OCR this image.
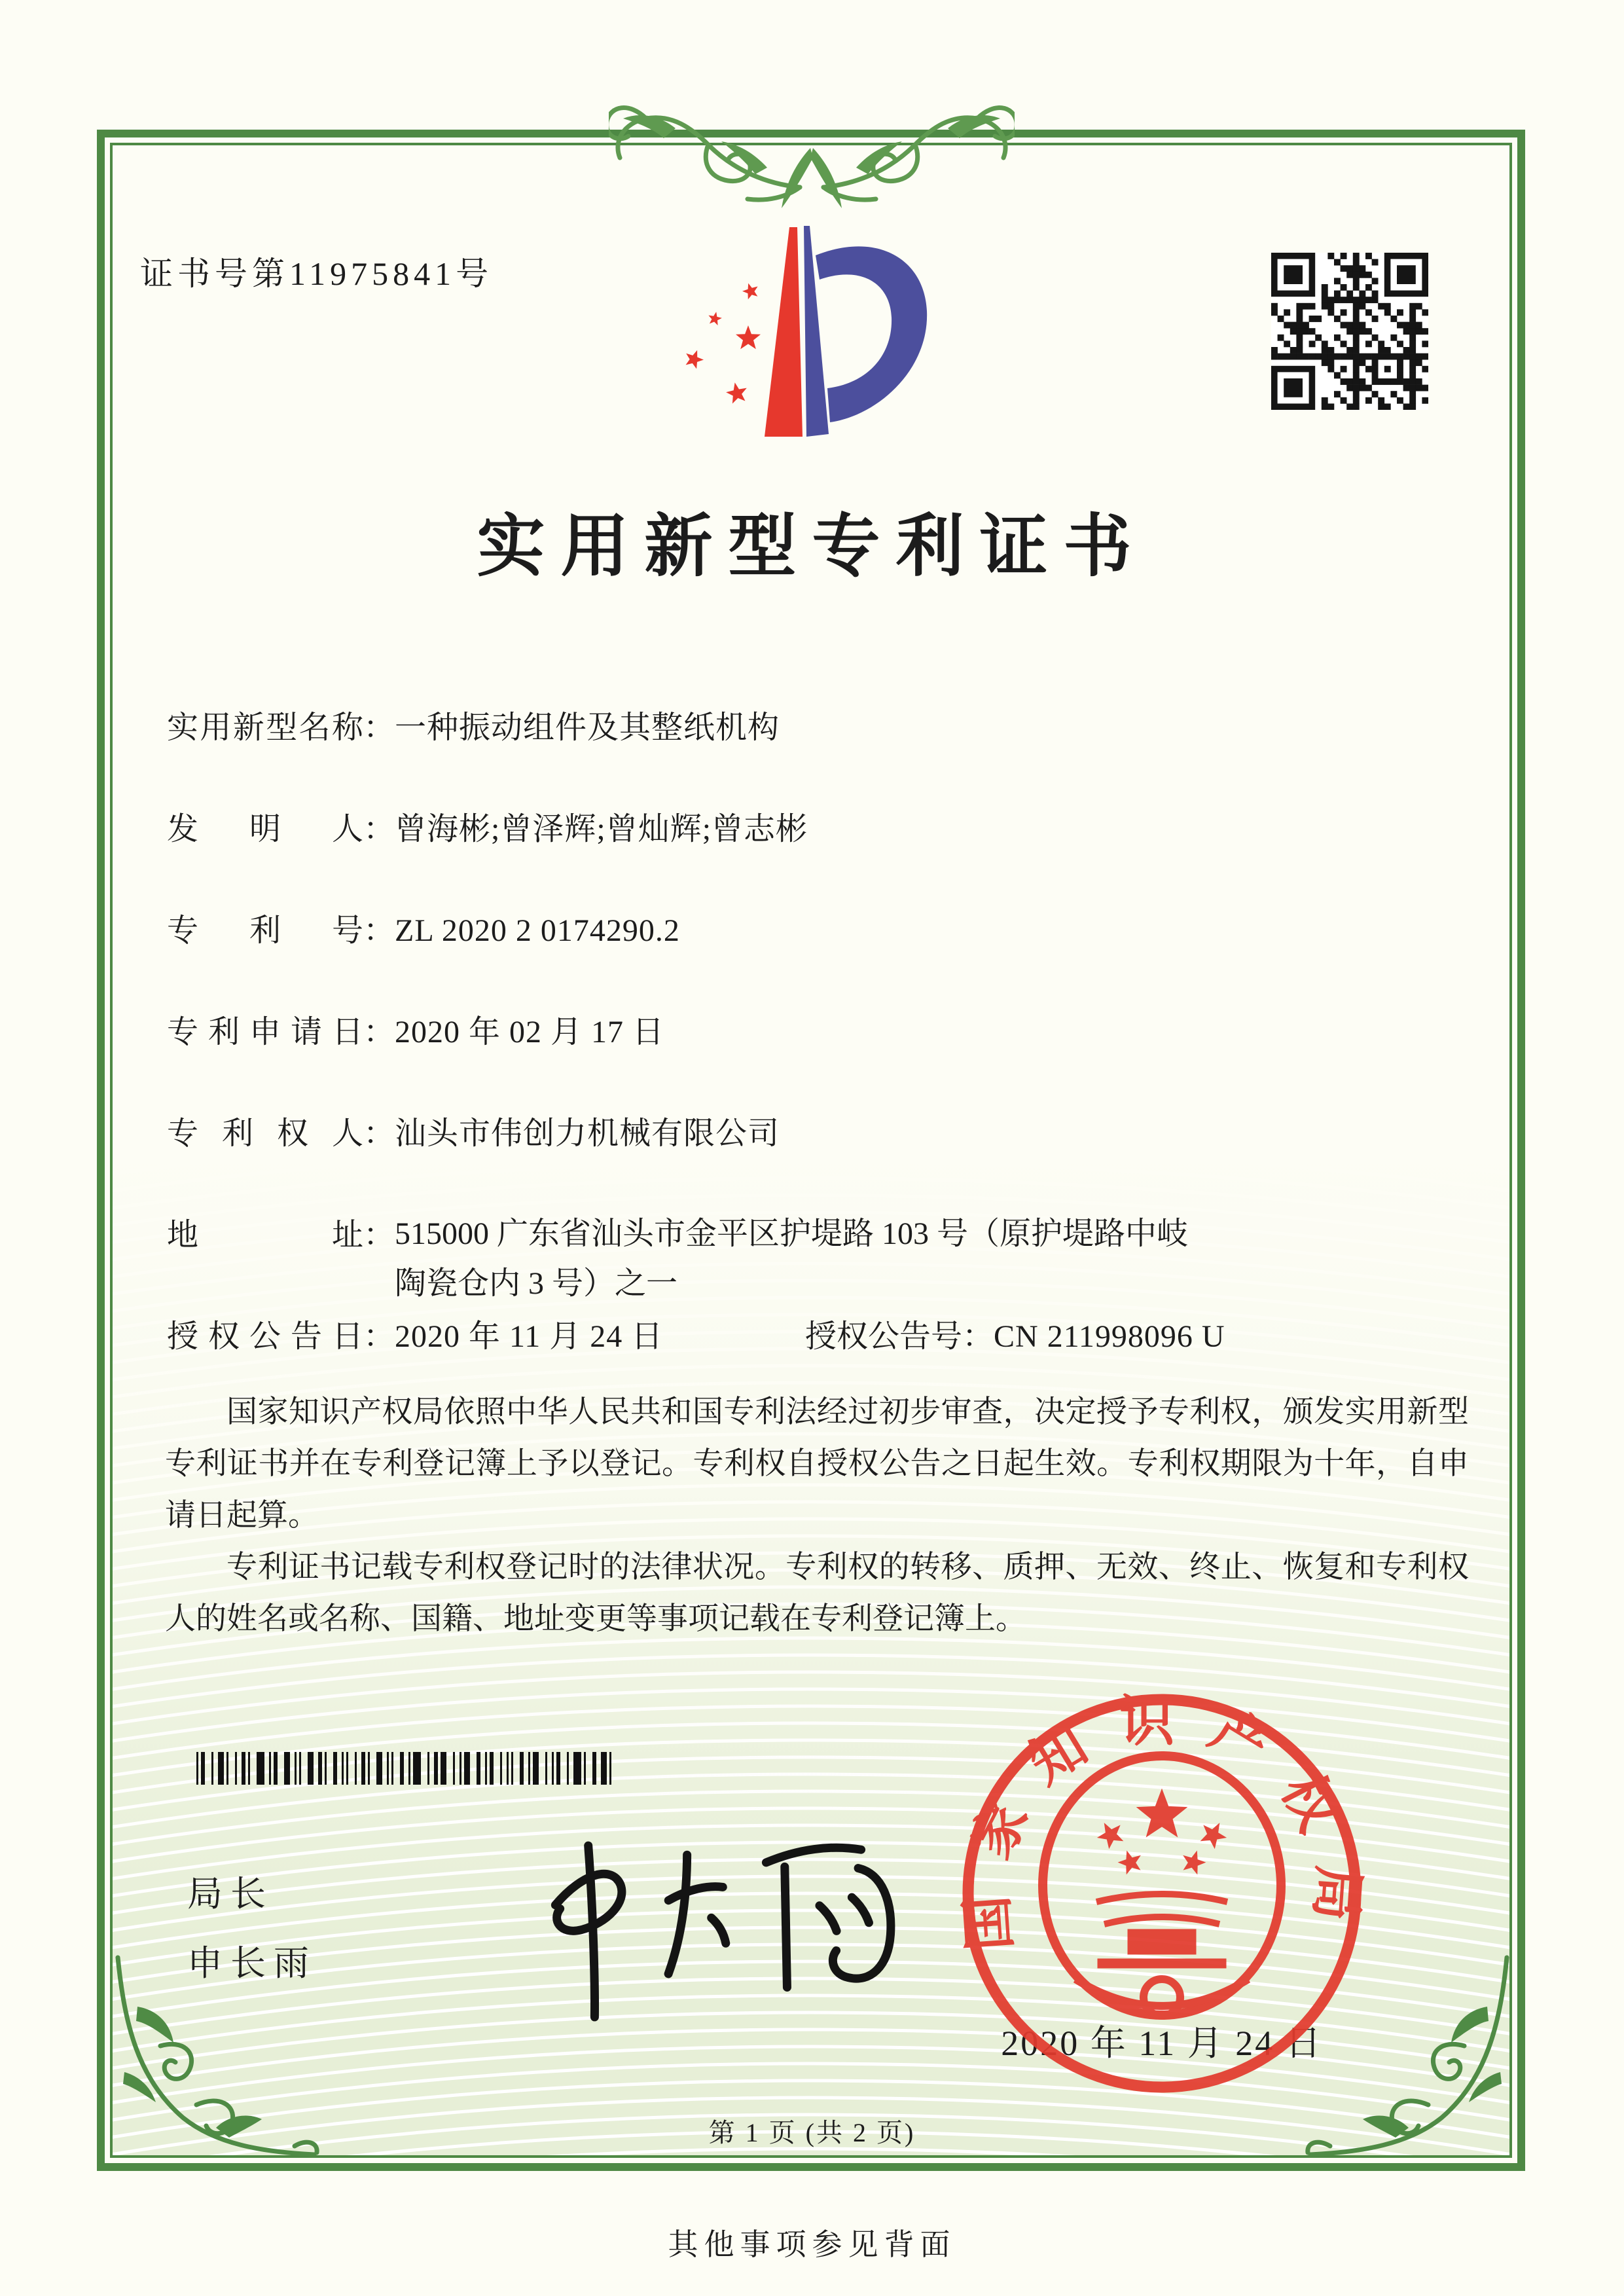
证书号第11975841号
实用新型专利证书
实用新型名称：一种振动组件及其整纸机构
发明人：曾海彬;曾泽辉;曾灿辉;曾志彬
专利号：ZL 2020 2 0174290.2
专利申请日：2020 年 02 月 17 日
专利权人：汕头市伟创力机械有限公司
地址：515000 广东省汕头市金平区护堤路 103 号（原护堤路中岐
陶瓷仓内 3 号）之一
授权公告日：2020 年 11 月 24 日	授权公告号：CN 211998096 U

国家知识产权局依照中华人民共和国专利法经过初步审查，决定授予专利权，颁发实用新型专利证书并在专利登记簿上予以登记。专利权自授权公告之日起生效。专利权期限为十年，自申请日起算。

专利证书记载专利权登记时的法律状况。专利权的转移、质押、无效、终止、恢复和专利权人的姓名或名称、国籍、地址变更等事项记载在专利登记簿上。

局长
申长雨
2020 年 11 月 24 日
国家知识产权局
第 1 页 (共 2 页)
其他事项参见背面
